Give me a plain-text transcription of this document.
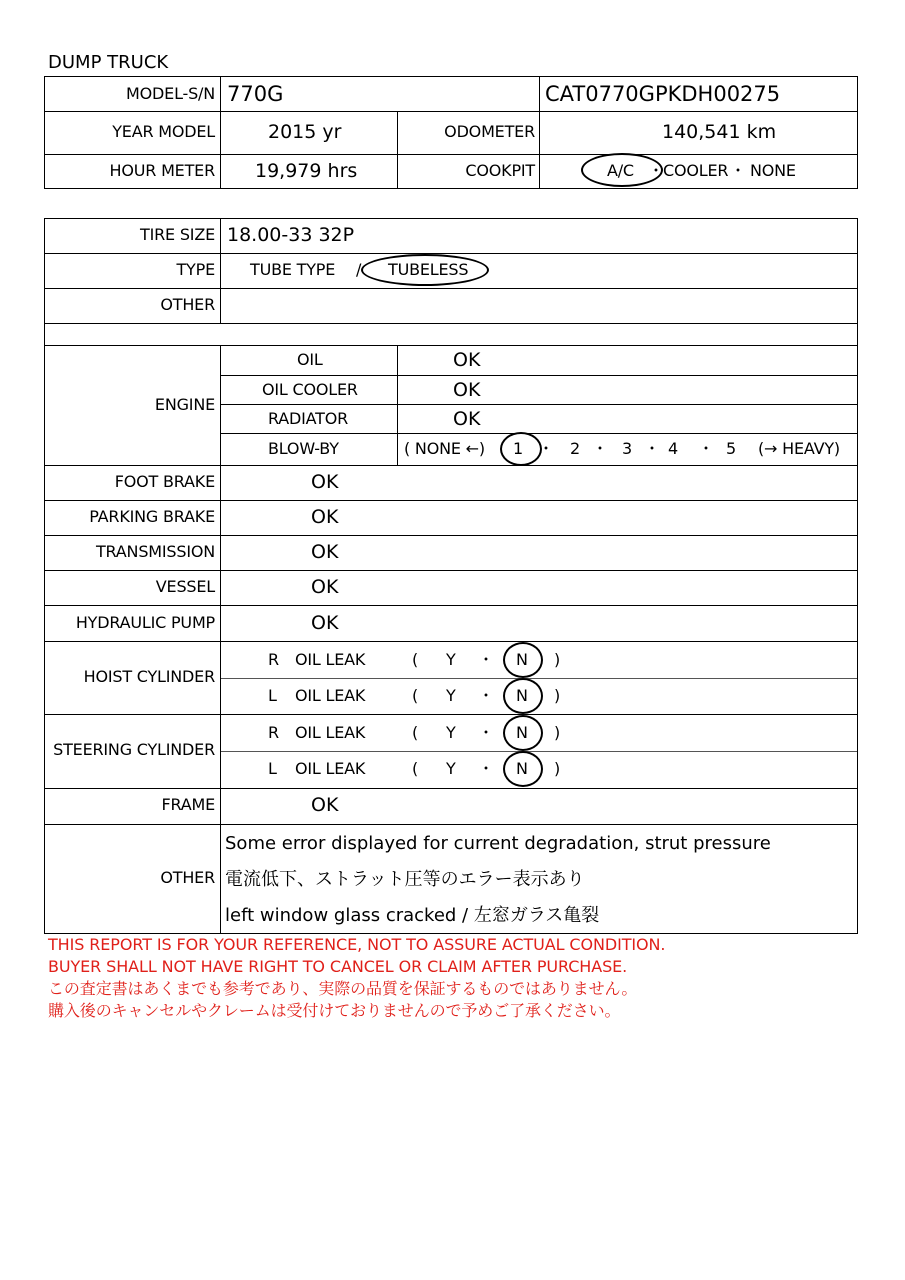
DUMP TRUCK
MODEL-S/N 770G	CAT0770GPKDH00275
YEAR MODEL	2015 yr	ODOMETER	140,541 km
HOUR METER 19,979 hrs	COOKPIT	A/C ・ COOLER ・ NONE
TIRE SIZE 18.00-33 32P
TYPE TUBE TYPE / TUBELESS
OTHER
ENGINE
OIL	OK
OIL COOLER	OK
RADIATOR	OK
BLOW-BY	( NONE ←) 1 ・ 2 ・ 3 ・ 4 ・ 5 (→ HEAVY)
FOOT BRAKE	OK
PARKING BRAKE	OK
TRANSMISSION	OK
VESSEL	OK
HYDRAULIC PUMP	OK
HOIST CYLINDER
R OIL LEAK	( Y ・ N )
L OIL LEAK	( Y ・ N )
STEERING CYLINDER
R OIL LEAK	( Y ・ N )
L OIL LEAK	( Y ・ N )
FRAME	OK
OTHER
Some error displayed for current degradation, strut pressure
電流低下、ストラット圧等のエラー表示あり
left window glass cracked / 左窓ガラス亀裂
THIS REPORT IS FOR YOUR REFERENCE, NOT TO ASSURE ACTUAL CONDITION.
BUYER SHALL NOT HAVE RIGHT TO CANCEL OR CLAIM AFTER PURCHASE.
この査定書はあくまでも参考であり、実際の品質を保証するものではありません。
購入後のキャンセルやクレームは受付けておりませんので予めご了承ください。
